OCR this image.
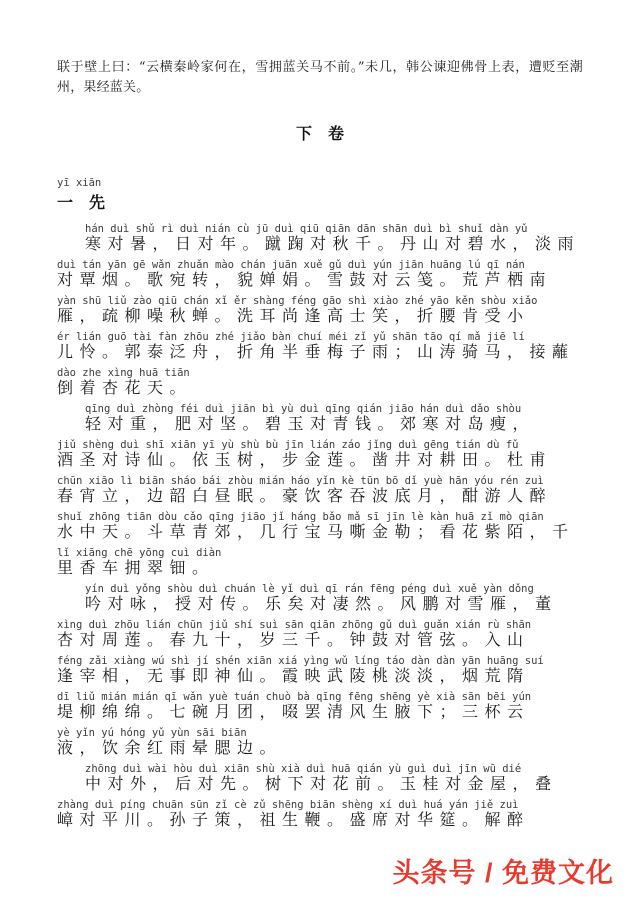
联于壁上曰：“云横秦岭家何在，雪拥蓝关马不前。”未几，韩公谏迎佛骨上表，遭贬至潮州，果经蓝关。

下　卷
yī xiān
一　先
hán duì shǔ rì duì nián cù jū duì qiū qiān dān shān duì bì shuǐ dàn yǔ
寒对暑，日对年。蹴踘对秋千。丹山对碧水，淡雨
duì tán yān gē wǎn zhuǎn mào chán juān xuě gǔ duì yún jiān huāng lú qī nán
对覃烟。歌宛转，貌婵娟。雪鼓对云笺。荒芦栖南
yàn shū liǔ zào qiū chán xǐ ěr shàng féng gāo shì xiào zhé yāo kěn shòu xiǎo
雁，疏柳噪秋蝉。洗耳尚逢高士笑，折腰肯受小
ér lián guō tài fàn zhōu zhé jiǎo bàn chuí méi zǐ yǔ shān tāo qí mǎ jiē lí
儿怜。郭泰泛舟，折角半垂梅子雨；山涛骑马，接蘺
dào zhe xìng huā tiān
倒着杏花天。
qīng duì zhòng féi duì jiān bì yù duì qīng qián jiāo hán duì dǎo shòu
轻对重，肥对坚。碧玉对青钱。郊寒对岛瘦，
jiǔ shèng duì shī xiān yī yù shù bù jīn lián záo jǐng duì gēng tián dù fǔ
酒圣对诗仙。依玉树，步金莲。凿井对耕田。杜甫
chūn xiāo lì biān sháo bái zhòu mián háo yǐn kè tūn bō dǐ yuè hān yóu rén zuì
春宵立，边韶白昼眠。豪饮客吞波底月，酣游人醉
shuǐ zhōng tiān dòu cǎo qīng jiāo jǐ háng bǎo mǎ sī jīn lè kàn huā zǐ mò qiān
水中天。斗草青郊，几行宝马嘶金勒；看花紫陌，千
lǐ xiāng chē yōng cuì diàn
里香车拥翠钿。
yín duì yǒng shòu duì chuán lè yǐ duì qī rán fēng péng duì xuě yàn dǒng
吟对咏，授对传。乐矣对凄然。风鹏对雪雁，董
xìng duì zhōu lián chūn jiǔ shí suì sān qiān zhōng gǔ duì guǎn xián rù shān
杏对周莲。春九十，岁三千。钟鼓对管弦。入山
féng zǎi xiàng wú shì jí shén xiān xiá yìng wǔ líng táo dàn dàn yān huāng suí
逢宰相，无事即神仙。霞映武陵桃淡淡，烟荒隋
dī liǔ mián mián qī wǎn yuè tuán chuò bà qīng fēng shēng yè xià sān bēi yún
堤柳绵绵。七碗月团，啜罢清风生腋下；三杯云
yè yǐn yú hóng yǔ yùn sāi biān
液，饮余红雨晕腮边。
zhōng duì wài hòu duì xiān shù xià duì huā qián yù guì duì jīn wū dié
中对外，后对先。树下对花前。玉桂对金屋，叠
zhàng duì píng chuān sūn zǐ cè zǔ shēng biān shèng xí duì huá yán jiě zuì
嶂对平川。孙子策，祖生鞭。盛席对华筵。解醉
头条号 / 免费文化
